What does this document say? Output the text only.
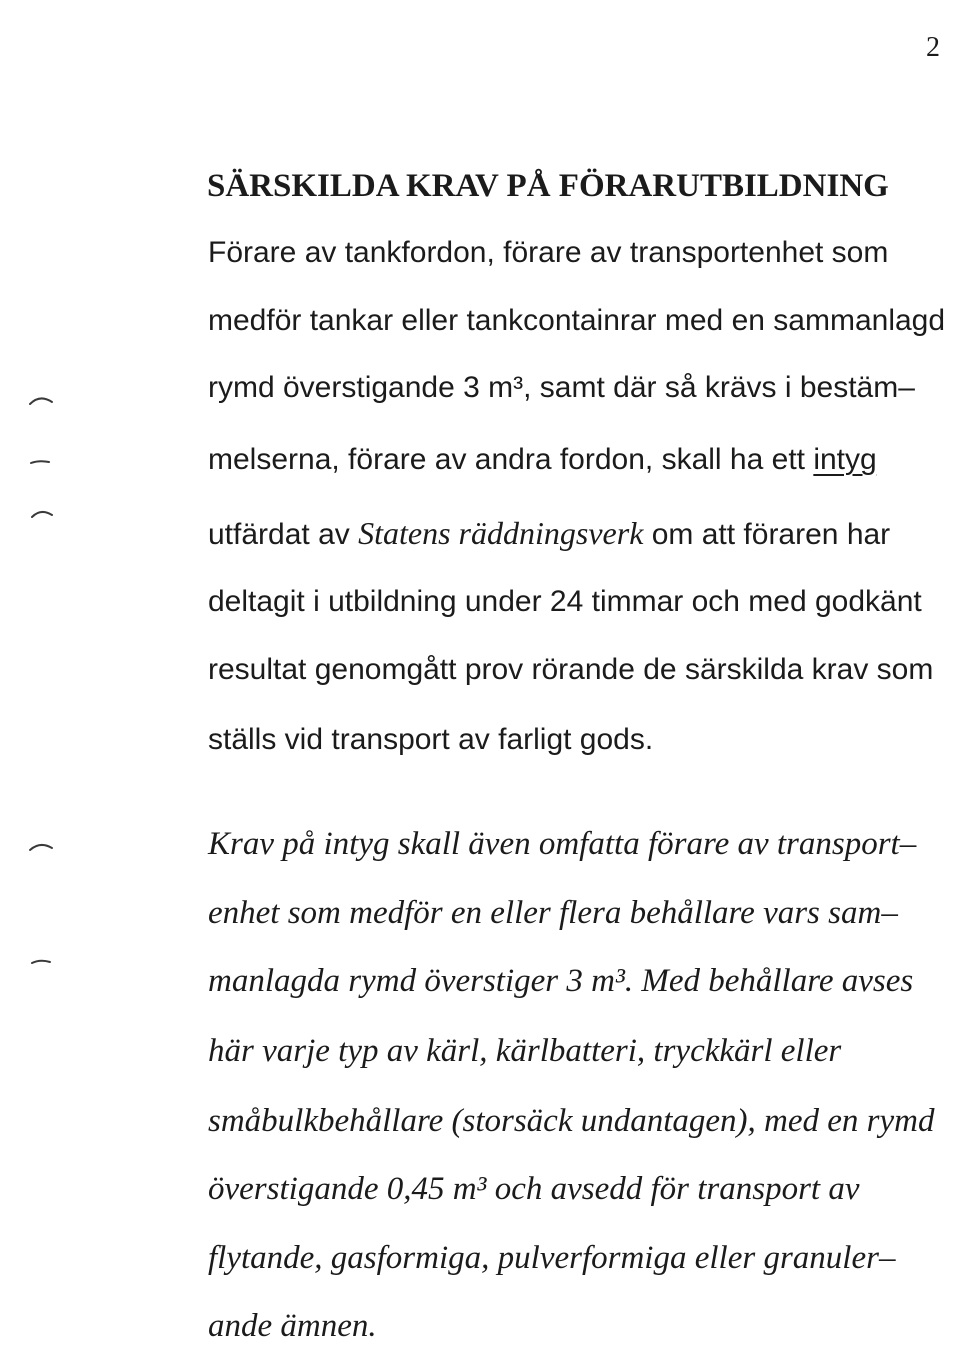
2
SÄRSKILDA KRAV PÅ FÖRARUTBILDNING
Förare av tankfordon, förare av transportenhet som
medför tankar eller tankcontainrar med en sammanlagd
rymd överstigande 3 m³, samt där så krävs i bestäm–
melserna, förare av andra fordon, skall ha ett intyg
utfärdat av Statens räddningsverk om att föraren har
deltagit i utbildning under 24 timmar och med godkänt
resultat genomgått prov rörande de särskilda krav som
ställs vid transport av farligt gods.
Krav på intyg skall även omfatta förare av transport–
enhet som medför en eller flera behållare vars sam–
manlagda rymd överstiger 3 m³. Med behållare avses
här varje typ av kärl, kärlbatteri, tryckkärl eller
småbulkbehållare (storsäck undantagen), med en rymd
överstigande 0,45 m³ och avsedd för transport av
flytande, gasformiga, pulverformiga eller granuler–
ande ämnen.
